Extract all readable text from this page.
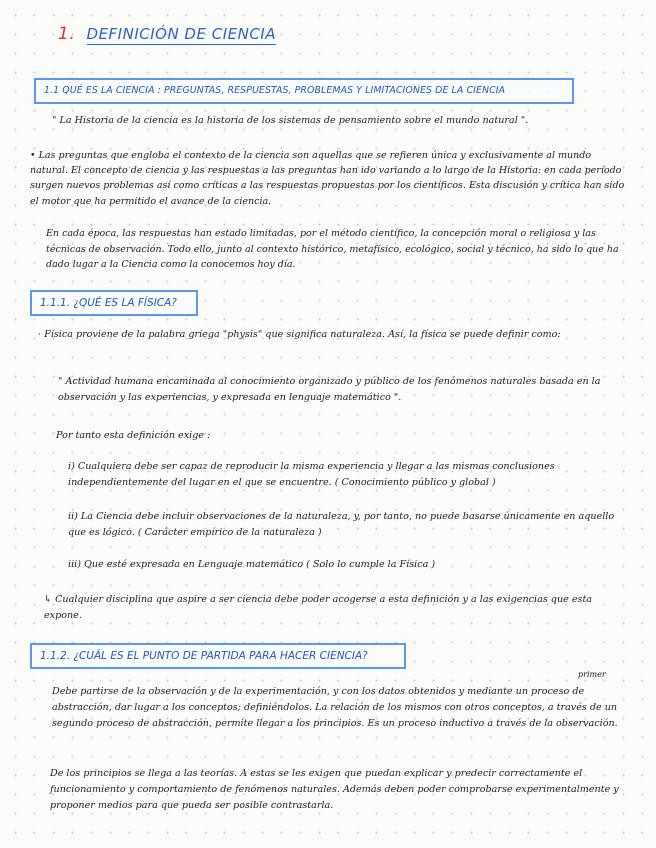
1. DEFINICIÓN DE CIENCIA
1.1 QUÉ ES LA CIENCIA : PREGUNTAS, RESPUESTAS, PROBLEMAS Y LIMITACIONES DE LA CIENCIA

" La Historia de la ciencia es la historia de los sistemas de pensamiento sobre el mundo natural ".

• Las preguntas que engloba el contexto de la ciencia son aquellas que se refieren única y exclusivamente al mundo natural. El concepto de ciencia y las respuestas a las preguntas han ido variando a lo largo de la Historia: en cada período surgen nuevos problemas así como críticas a las respuestas propuestas por los científicos. Esta discusión y crítica han sido el motor que ha permitido el avance de la ciencia.

En cada época, las respuestas han estado limitadas, por el método científico, la concepción moral o religiosa y las técnicas de observación. Todo ello, junto al contexto histórico, metafísico, ecológico, social y técnico, ha sido lo que ha dado lugar a la Ciencia como la conocemos hoy día.

1.1.1. ¿QUÉ ES LA FÍSICA?

· Física proviene de la palabra griega "physis" que significa naturaleza. Así, la física se puede definir como:

" Actividad humana encaminada al conocimiento organizado y público de los fenómenos naturales basada en la observación y las experiencias, y expresada en lenguaje matemático ".

Por tanto esta definición exige :

i) Cualquiera debe ser capaz de reproducir la misma experiencia y llegar a las mismas conclusiones independientemente del lugar en el que se encuentre. ( Conocimiento público y global )

ii) La Ciencia debe incluir observaciones de la naturaleza, y, por tanto, no puede basarse únicamente en aquello que es lógico. ( Carácter empírico de la naturaleza )

iii) Que esté expresada en Lenguaje matemático ( Solo lo cumple la Física )

↳ Cualquier disciplina que aspire a ser ciencia debe poder acogerse a esta definición y a las exigencias que esta expone.

1.1.2. ¿CUÁL ES EL PUNTO DE PARTIDA PARA HACER CIENCIA?
primer

Debe partirse de la observación y de la experimentación, y con los datos obtenidos y mediante un proceso de abstracción, dar lugar a los conceptos; definiéndolos. La relación de los mismos con otros conceptos, a través de un segundo proceso de abstracción, permite llegar a los principios. Es un proceso inductivo a través de la observación.

De los principios se llega a las teorías. A estas se les exigen que puedan explicar y predecir correctamente el funcionamiento y comportamiento de fenómenos naturales. Además deben poder comprobarse experimentalmente y proponer medios para que pueda ser posible contrastarla.
